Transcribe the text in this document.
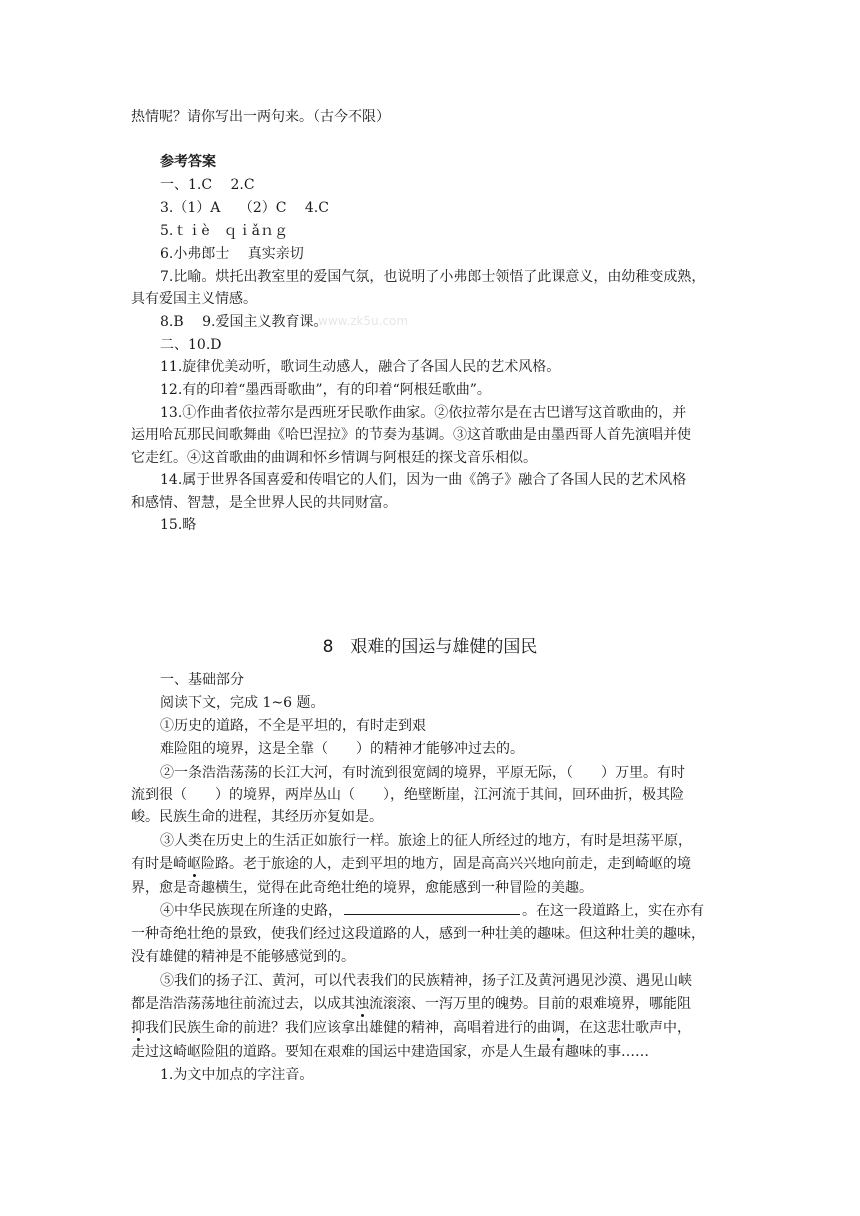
热情呢？请你写出一两句来。（古今不限）
参考答案
一、1.C　 2.C
3.（1）A　 （2）C　 4.C
5.ｔｉè　ｑｉǎｎｇ
6.小弗郎士　 真实亲切
7.比喻。烘托出教室里的爱国气氛，也说明了小弗郎士领悟了此课意义，由幼稚变成熟，
具有爱国主义情感。
8.B　 9.爱国主义教育课。
www.zk5u.com
二、10.D
11.旋律优美动听，歌词生动感人，融合了各国人民的艺术风格。
12.有的印着“墨西哥歌曲”，有的印着“阿根廷歌曲”。
13.①作曲者依拉蒂尔是西班牙民歌作曲家。②依拉蒂尔是在古巴谱写这首歌曲的，并
运用哈瓦那民间歌舞曲《哈巴涅拉》的节奏为基调。③这首歌曲是由墨西哥人首先演唱并使
它走红。④这首歌曲的曲调和怀乡情调与阿根廷的探戈音乐相似。
14.属于世界各国喜爱和传唱它的人们，因为一曲《鸽子》融合了各国人民的艺术风格
和感情、智慧，是全世界人民的共同财富。
15.略
8　艰难的国运与雄健的国民
一、基础部分
阅读下文，完成 1~6 题。
①历史的道路，不全是平坦的，有时走到艰
难险阻的境界，这是全靠（　　）的精神才能够冲过去的。
②一条浩浩荡荡的长江大河，有时流到很宽阔的境界，平原无际，（　　）万里。有时
流到很（　　）的境界，两岸丛山（　　），绝壁断崖，江河流于其间，回环曲折，极其险
峻。民族生命的进程，其经历亦复如是。
③人类在历史上的生活正如旅行一样。旅途上的征人所经过的地方，有时是坦荡平原，
有时是崎岖险路。老于旅途的人，走到平坦的地方，固是高高兴兴地向前走，走到崎岖的境
界，愈是奇趣横生，觉得在此奇绝壮绝的境界，愈能感到一种冒险的美趣。
④中华民族现在所逢的史路，	。在这一段道路上，实在亦有
一种奇绝壮绝的景致，使我们经过这段道路的人，感到一种壮美的趣味。但这种壮美的趣味，
没有雄健的精神是不能够感觉到的。
⑤我们的扬子江、黄河，可以代表我们的民族精神，扬子江及黄河遇见沙漠、遇见山峡
都是浩浩荡荡地往前流过去，以成其浊流滚滚、一泻万里的魄势。目前的艰难境界，哪能阻
抑我们民族生命的前进？我们应该拿出雄健的精神，高唱着进行的曲调，在这悲壮歌声中，
走过这崎岖险阻的道路。要知在艰难的国运中建造国家，亦是人生最有趣味的事……
1.为文中加点的字注音。
